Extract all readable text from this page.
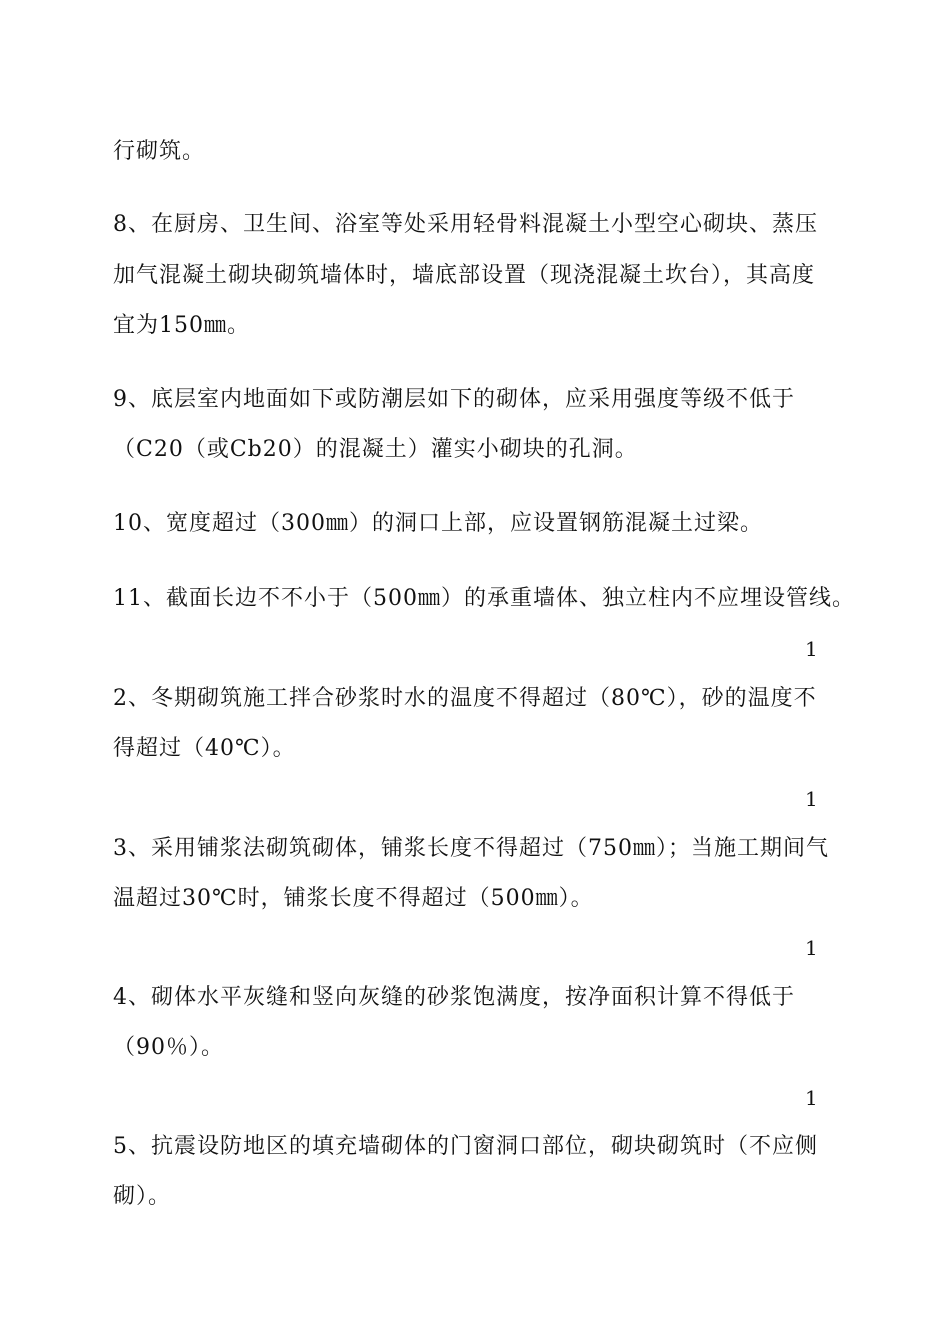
行砌筑。
8、在厨房、卫生间、浴室等处采用轻骨料混凝土小型空心砌块、蒸压
加气混凝土砌块砌筑墙体时，墙底部设置（现浇混凝土坎台），其高度
宜为150㎜。
9、底层室内地面如下或防潮层如下的砌体，应采用强度等级不低于
（C20（或Cb20）的混凝土）灌实小砌块的孔洞。
10、宽度超过（300㎜）的洞口上部，应设置钢筋混凝土过梁。
11、截面长边不不小于（500㎜）的承重墙体、独立柱内不应埋设管线。
1
2、冬期砌筑施工拌合砂浆时水的温度不得超过（80℃），砂的温度不
得超过（40℃）。
1
3、采用铺浆法砌筑砌体，铺浆长度不得超过（750㎜）；当施工期间气
温超过30℃时，铺浆长度不得超过（500㎜）。
1
4、砌体水平灰缝和竖向灰缝的砂浆饱满度，按净面积计算不得低于
（90％）。
1
5、抗震设防地区的填充墙砌体的门窗洞口部位，砌块砌筑时（不应侧
砌）。
